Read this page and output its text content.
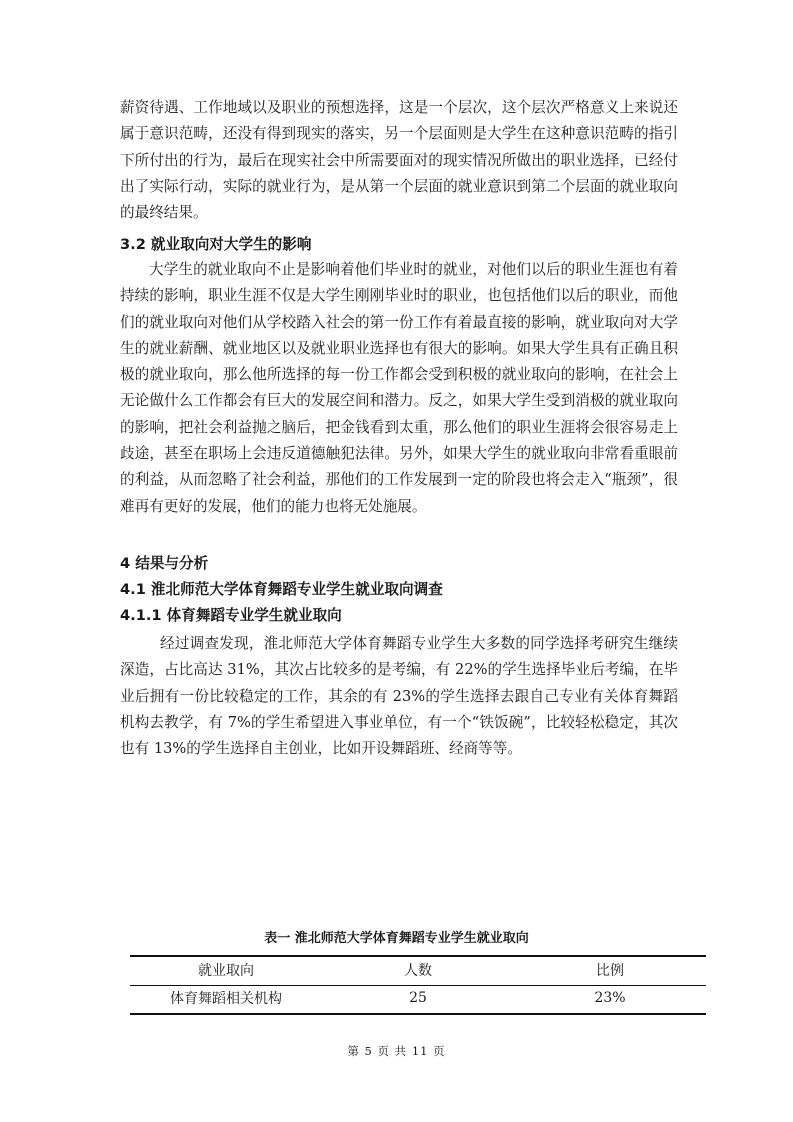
薪资待遇、工作地域以及职业的预想选择，这是一个层次，这个层次严格意义上来说还属于意识范畴，还没有得到现实的落实，另一个层面则是大学生在这种意识范畴的指引下所付出的行为，最后在现实社会中所需要面对的现实情况所做出的职业选择，已经付出了实际行动，实际的就业行为，是从第一个层面的就业意识到第二个层面的就业取向的最终结果。

3.2 就业取向对大学生的影响

大学生的就业取向不止是影响着他们毕业时的就业，对他们以后的职业生涯也有着持续的影响，职业生涯不仅是大学生刚刚毕业时的职业，也包括他们以后的职业，而他们的就业取向对他们从学校踏入社会的第一份工作有着最直接的影响，就业取向对大学生的就业薪酬、就业地区以及就业职业选择也有很大的影响。如果大学生具有正确且积极的就业取向，那么他所选择的每一份工作都会受到积极的就业取向的影响，在社会上无论做什么工作都会有巨大的发展空间和潜力。反之，如果大学生受到消极的就业取向的影响，把社会利益抛之脑后，把金钱看到太重，那么他们的职业生涯将会很容易走上歧途，甚至在职场上会违反道德触犯法律。另外，如果大学生的就业取向非常看重眼前的利益，从而忽略了社会利益，那他们的工作发展到一定的阶段也将会走入“瓶颈”，很难再有更好的发展，他们的能力也将无处施展。

4 结果与分析

4.1 淮北师范大学体育舞蹈专业学生就业取向调查

4.1.1 体育舞蹈专业学生就业取向

经过调查发现，淮北师范大学体育舞蹈专业学生大多数的同学选择考研究生继续深造，占比高达 31%，其次占比较多的是考编，有 22%的学生选择毕业后考编，在毕业后拥有一份比较稳定的工作，其余的有 23%的学生选择去跟自己专业有关体育舞蹈机构去教学，有 7%的学生希望进入事业单位，有一个“铁饭碗”，比较轻松稳定，其次也有 13%的学生选择自主创业，比如开设舞蹈班、经商等等。

表一 淮北师范大学体育舞蹈专业学生就业取向
就业取向	人数	比例
体育舞蹈相关机构	25	23%
第 5 页 共 11 页
